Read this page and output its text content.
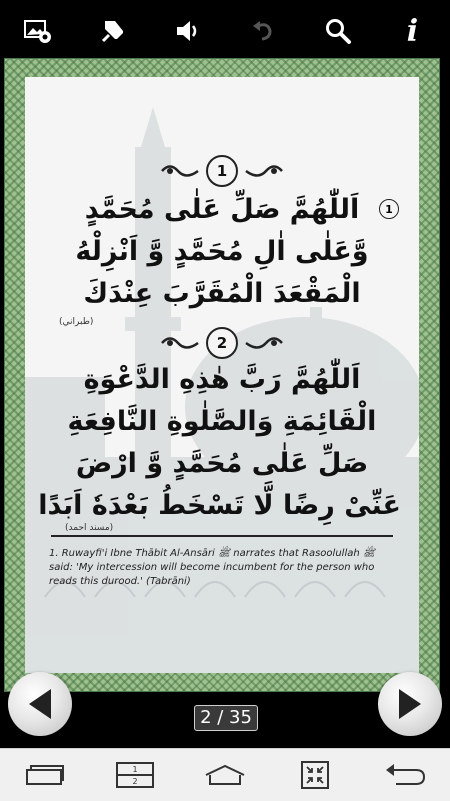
i
1
1
اَللّٰهُمَّ صَلِّ عَلٰى مُحَمَّدٍ
وَّعَلٰى اٰلِ مُحَمَّدٍ وَّ اَنْزِلْهُ
الْمَقْعَدَ الْمُقَرَّبَ عِنْدَكَ
(طبراني)
2
اَللّٰهُمَّ رَبَّ هٰذِهِ الدَّعْوَةِ
الْقَائِمَةِ وَالصَّلٰوةِ النَّافِعَةِ
صَلِّ عَلٰى مُحَمَّدٍ وَّ ارْضَ
عَنِّىْ رِضًا لَّا تَسْخَطُ بَعْدَهٗ اَبَدًا
(مسند احمد)
1. Ruwayfi'i Ibne Thābit Al-Ansāri ﷺ narrates that Rasoolullah ﷺ said: 'My intercession will become incumbent for the person who reads this durood.' (Tabrāni)
2 / 35
1
2
